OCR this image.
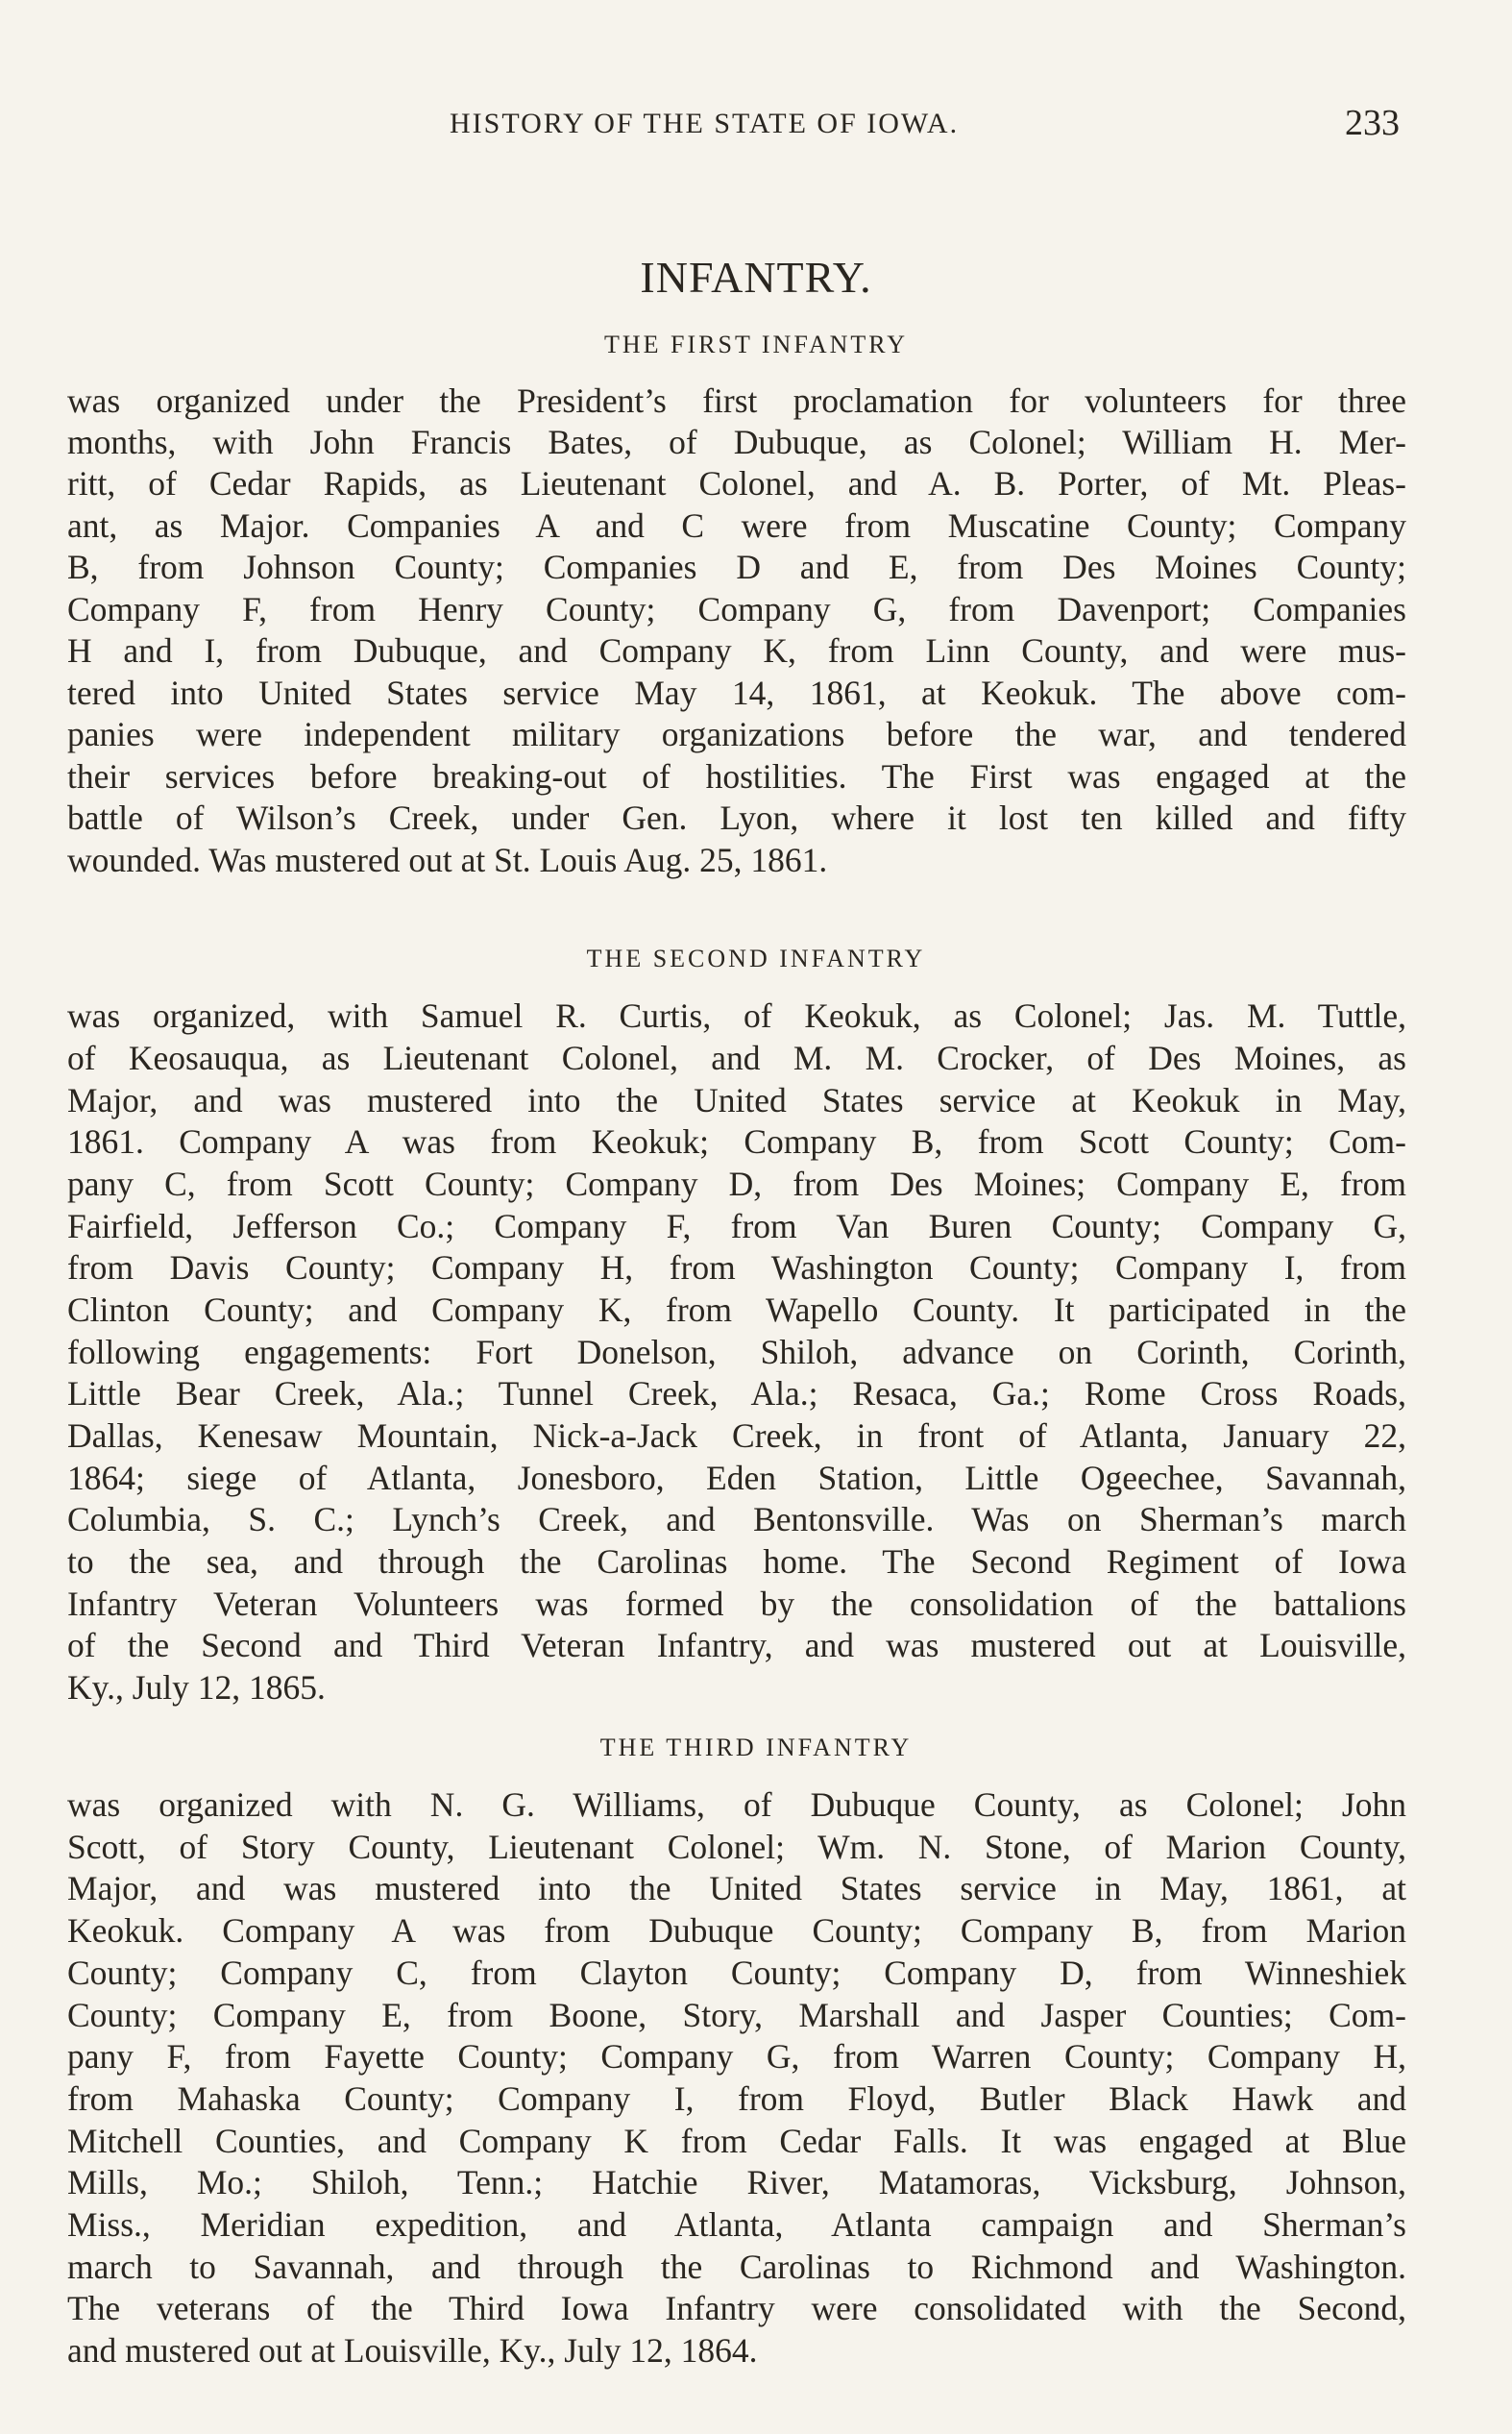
HISTORY OF THE STATE OF IOWA.	233
INFANTRY.
THE FIRST INFANTRY
was organized under the President’s first proclamation for volunteers for three
months, with John Francis Bates, of Dubuque, as Colonel; William H. Mer-
ritt, of Cedar Rapids, as Lieutenant Colonel, and A. B. Porter, of Mt. Pleas-
ant, as Major. Companies A and C were from Muscatine County; Company
B, from Johnson County; Companies D and E, from Des Moines County;
Company F, from Henry County; Company G, from Davenport; Companies
H and I, from Dubuque, and Company K, from Linn County, and were mus-
tered into United States service May 14, 1861, at Keokuk. The above com-
panies were independent military organizations before the war, and tendered
their services before breaking-out of hostilities. The First was engaged at the
battle of Wilson’s Creek, under Gen. Lyon, where it lost ten killed and fifty
wounded. Was mustered out at St. Louis Aug. 25, 1861.
THE SECOND INFANTRY
was organized, with Samuel R. Curtis, of Keokuk, as Colonel; Jas. M. Tuttle,
of Keosauqua, as Lieutenant Colonel, and M. M. Crocker, of Des Moines, as
Major, and was mustered into the United States service at Keokuk in May,
1861. Company A was from Keokuk; Company B, from Scott County; Com-
pany C, from Scott County; Company D, from Des Moines; Company E, from
Fairfield, Jefferson Co.; Company F, from Van Buren County; Company G,
from Davis County; Company H, from Washington County; Company I, from
Clinton County; and Company K, from Wapello County. It participated in the
following engagements: Fort Donelson, Shiloh, advance on Corinth, Corinth,
Little Bear Creek, Ala.; Tunnel Creek, Ala.; Resaca, Ga.; Rome Cross Roads,
Dallas, Kenesaw Mountain, Nick-a-Jack Creek, in front of Atlanta, January 22,
1864; siege of Atlanta, Jonesboro, Eden Station, Little Ogeechee, Savannah,
Columbia, S. C.; Lynch’s Creek, and Bentonsville. Was on Sherman’s march
to the sea, and through the Carolinas home. The Second Regiment of Iowa
Infantry Veteran Volunteers was formed by the consolidation of the battalions
of the Second and Third Veteran Infantry, and was mustered out at Louisville,
Ky., July 12, 1865.
THE THIRD INFANTRY
was organized with N. G. Williams, of Dubuque County, as Colonel; John
Scott, of Story County, Lieutenant Colonel; Wm. N. Stone, of Marion County,
Major, and was mustered into the United States service in May, 1861, at
Keokuk. Company A was from Dubuque County; Company B, from Marion
County; Company C, from Clayton County; Company D, from Winneshiek
County; Company E, from Boone, Story, Marshall and Jasper Counties; Com-
pany F, from Fayette County; Company G, from Warren County; Company H,
from Mahaska County; Company I, from Floyd, Butler Black Hawk and
Mitchell Counties, and Company K from Cedar Falls. It was engaged at Blue
Mills, Mo.; Shiloh, Tenn.; Hatchie River, Matamoras, Vicksburg, Johnson,
Miss., Meridian expedition, and Atlanta, Atlanta campaign and Sherman’s
march to Savannah, and through the Carolinas to Richmond and Washington.
The veterans of the Third Iowa Infantry were consolidated with the Second,
and mustered out at Louisville, Ky., July 12, 1864.
